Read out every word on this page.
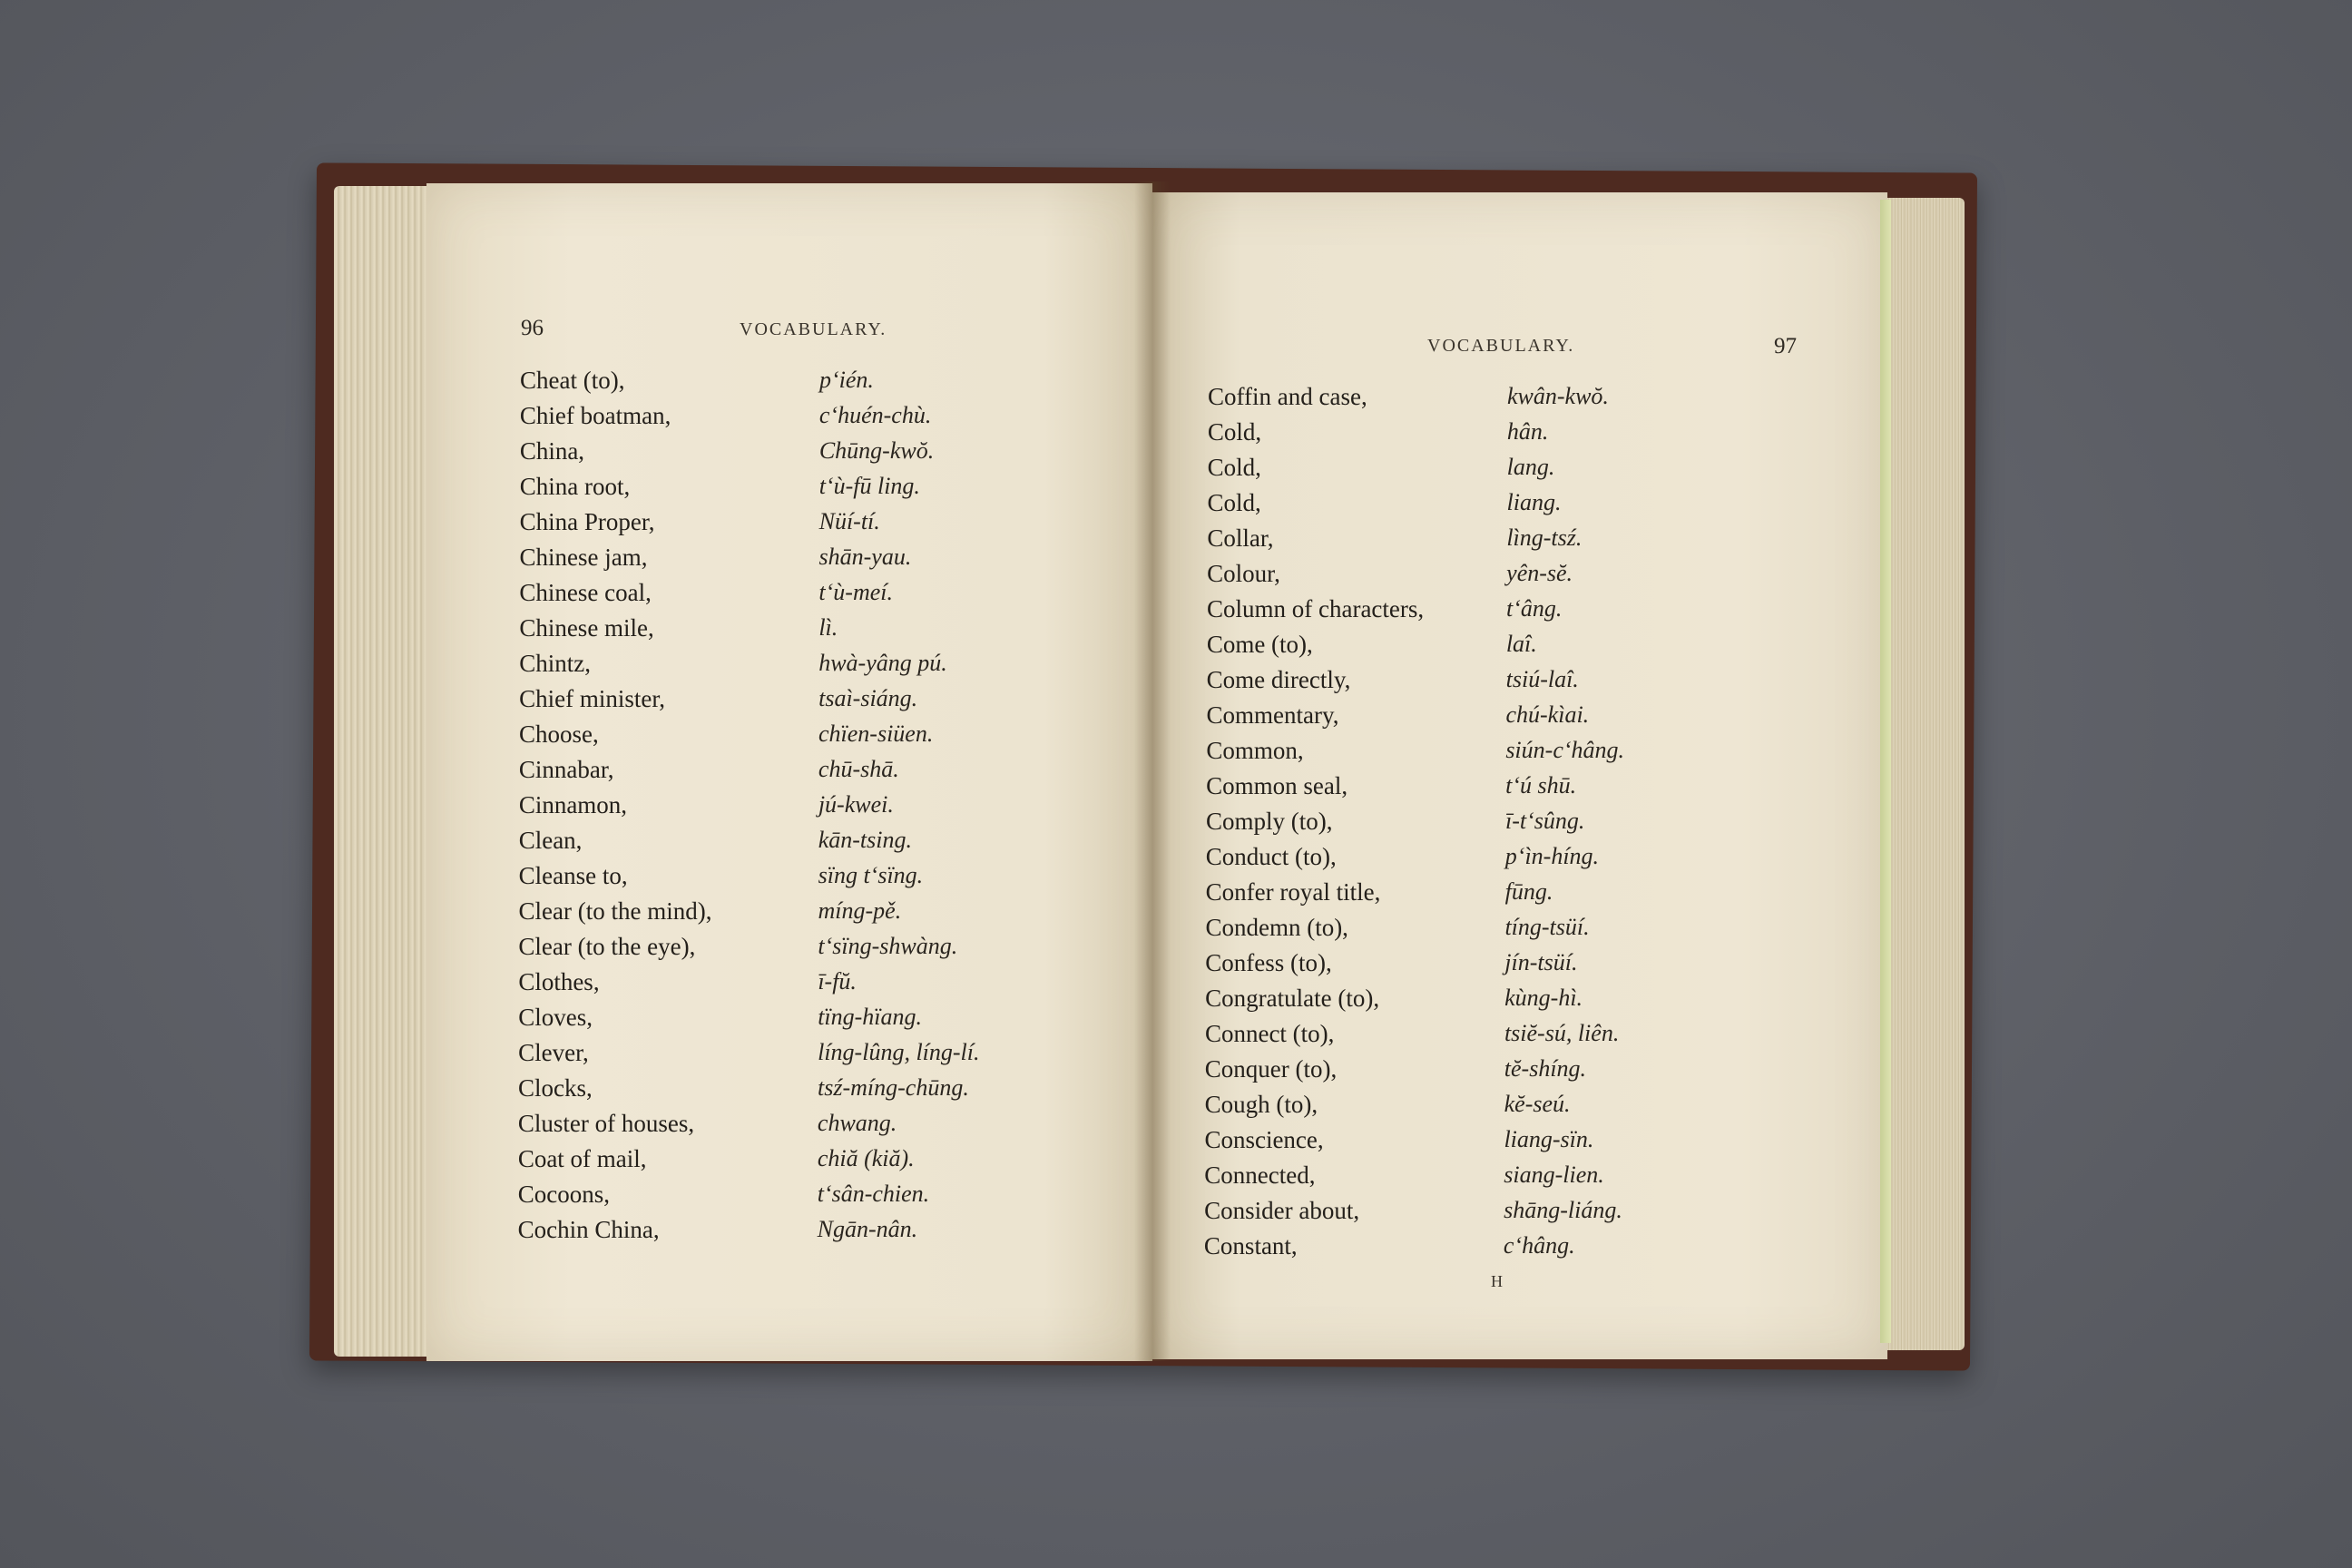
96	VOCABULARY.
Cheat (to),	p‘ién.
Chief boatman,	c‘huén-chù.
China,	Chūng-kwŏ.
China root,	t‘ù-fū ling.
China Proper,	Nüí-tí.
Chinese jam,	shān-yau.
Chinese coal,	t‘ù-meí.
Chinese mile,	lì.
Chintz,	hwà-yâng pú.
Chief minister,	tsaì-siáng.
Choose,	chïen-siüen.
Cinnabar,	chū-shā.
Cinnamon,	jú-kwei.
Clean,	kān-tsing.
Cleanse to,	sïng t‘sïng.
Clear (to the mind),	míng-pě.
Clear (to the eye),	t‘sïng-shwàng.
Clothes,	ī-fŭ.
Cloves,	tïng-hïang.
Clever,	líng-lûng, líng-lí.
Clocks,	tsź-míng-chūng.
Cluster of houses,	chwang.
Coat of mail,	chiă (kiă).
Cocoons,	t‘sân-chien.
Cochin China,	Ngān-nân.
VOCABULARY.	97
Coffin and case,	kwân-kwŏ.
Cold,	hân.
Cold,	lang.
Cold,	liang.
Collar,	lìng-tsź.
Colour,	yên-sĕ.
Column of characters,	t‘âng.
Come (to),	laî.
Come directly,	tsiú-laî.
Commentary,	chú-kìai.
Common,	siún-c‘hâng.
Common seal,	t‘ú shū.
Comply (to),	ī-t‘sûng.
Conduct (to),	p‘ìn-híng.
Confer royal title,	fūng.
Condemn (to),	tíng-tsüí.
Confess (to),	jín-tsüí.
Congratulate (to),	kùng-hì.
Connect (to),	tsiĕ-sú, liên.
Conquer (to),	tĕ-shíng.
Cough (to),	kĕ-seú.
Conscience,	liang-sïn.
Connected,	siang-lien.
Consider about,	shāng-liáng.
Constant,	c‘hâng.
H
